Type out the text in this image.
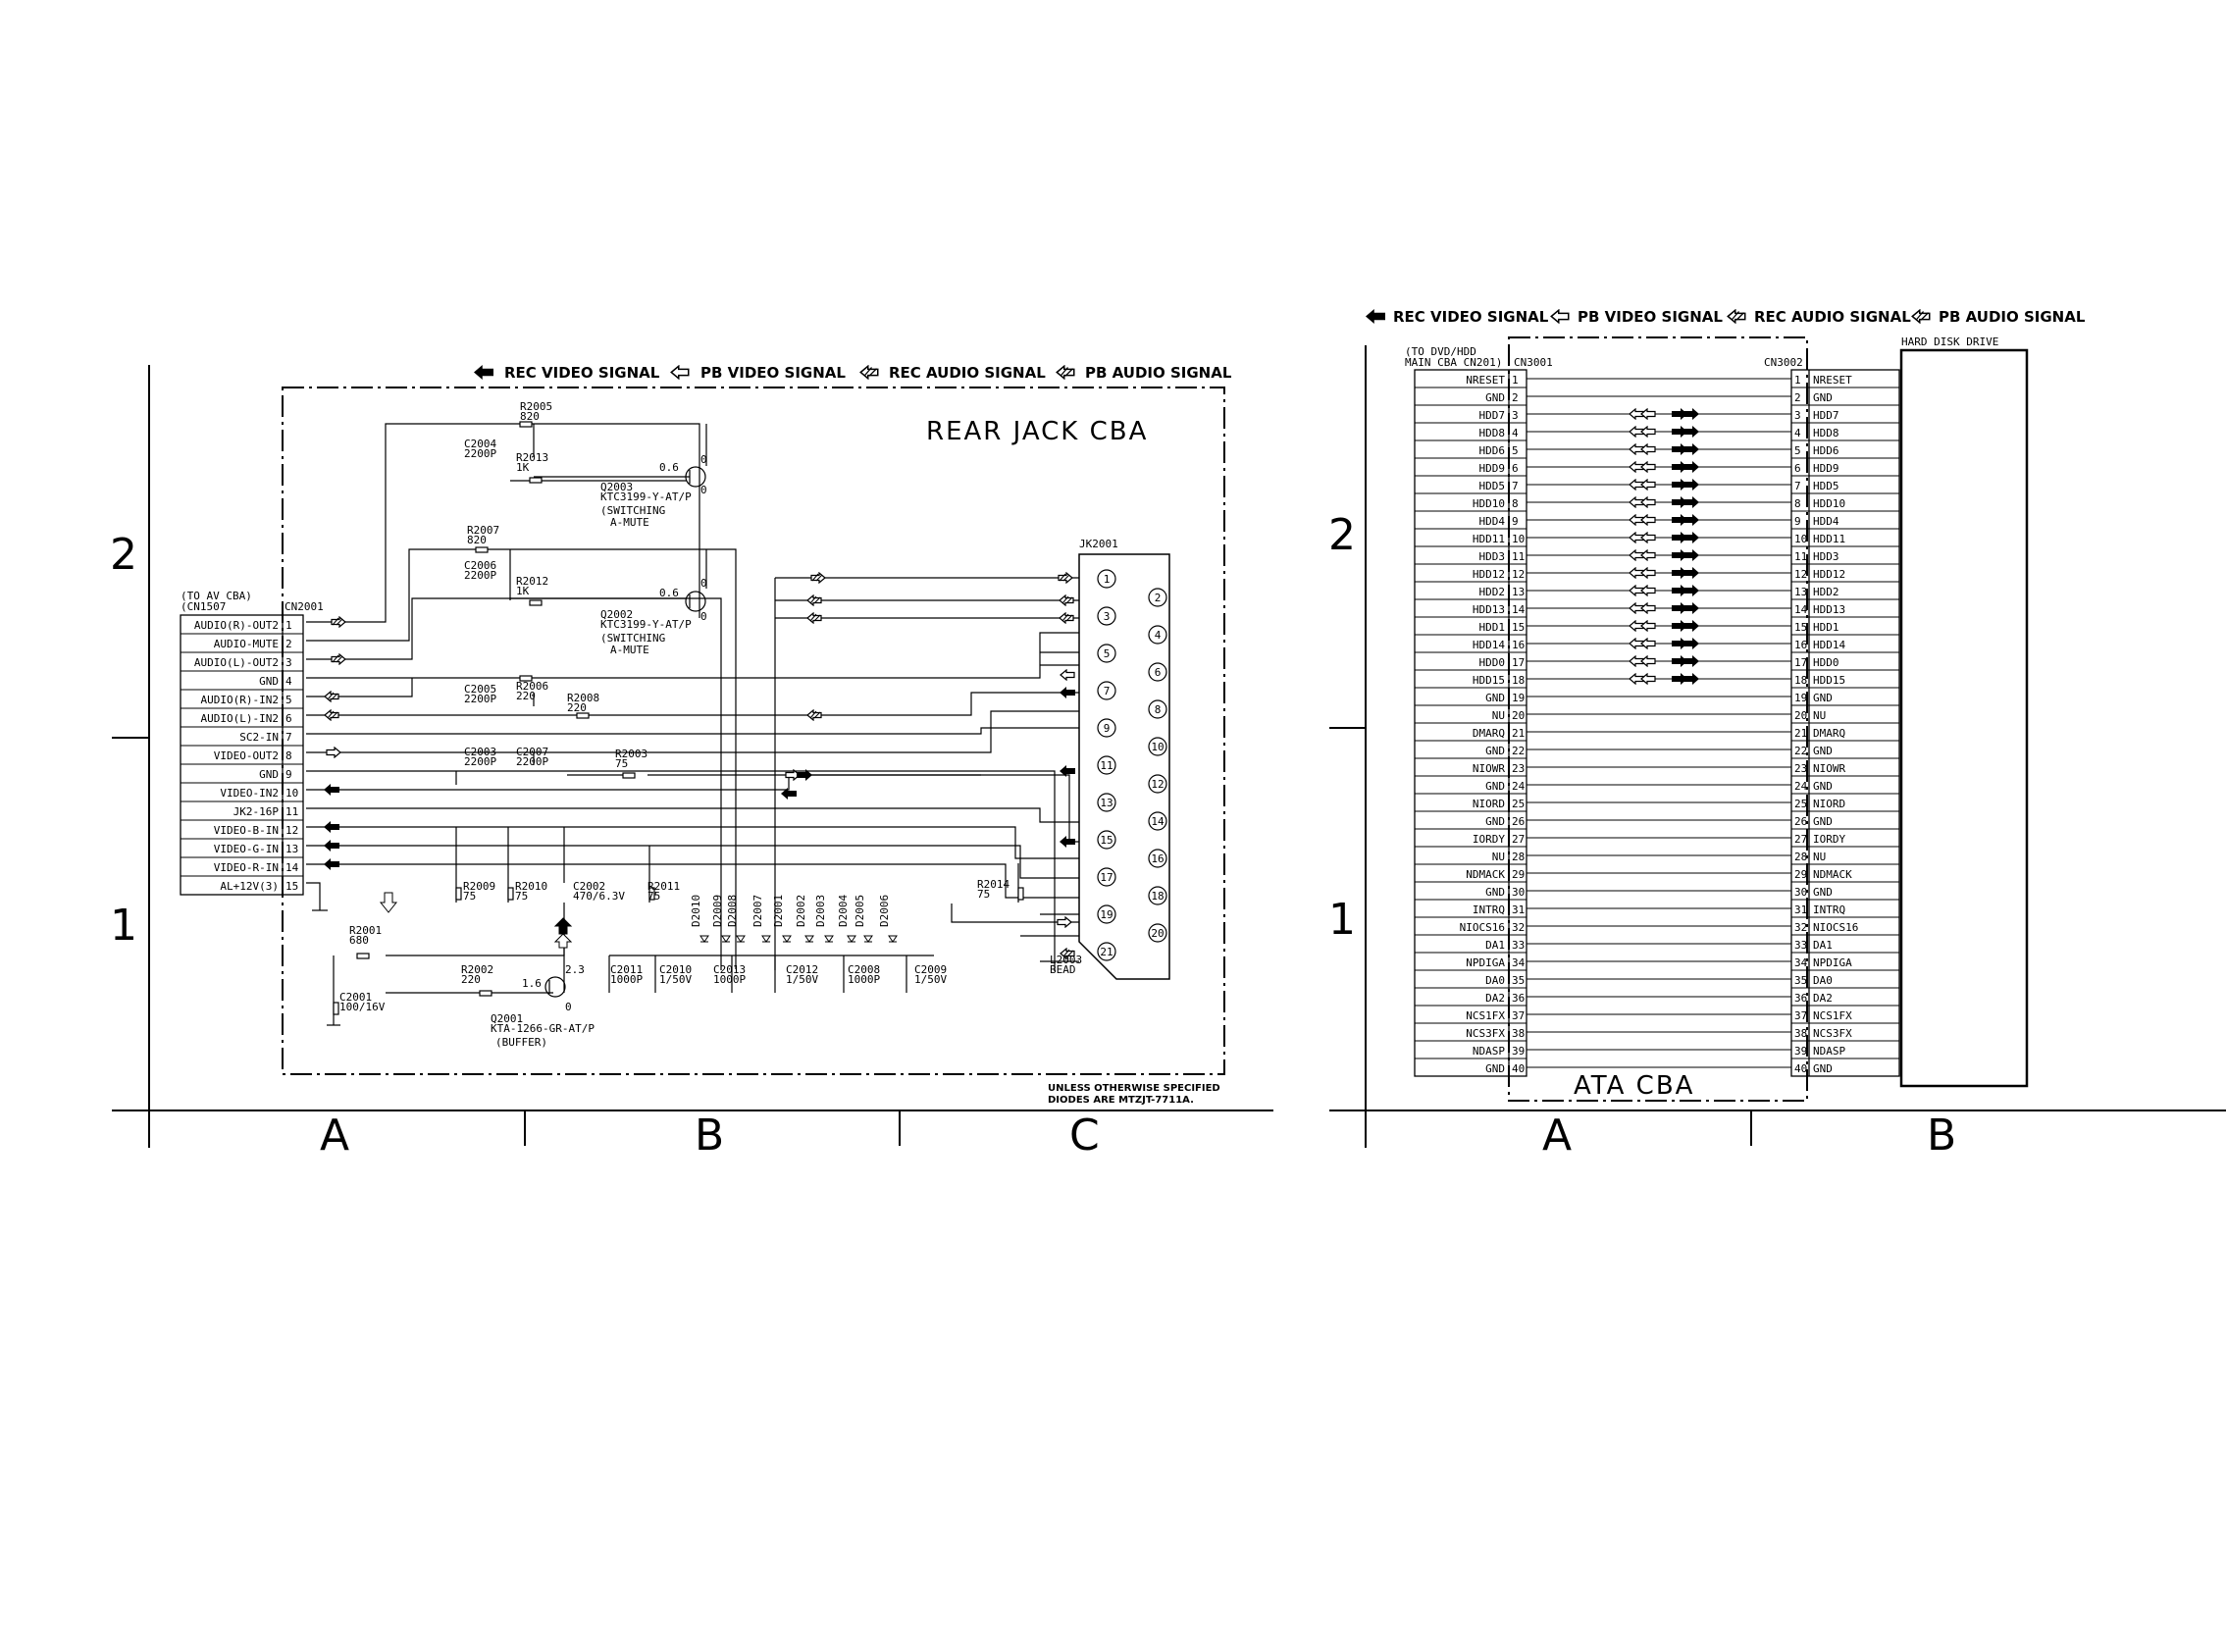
2
1
A	B	C
REC VIDEO SIGNAL	PB VIDEO SIGNAL	REC AUDIO SIGNAL	PB AUDIO SIGNAL
REAR JACK CBA
(TO AV CBA)
(CN1507	CN2001
AUDIO(R)-OUT2 1
AUDIO-MUTE 2
AUDIO(L)-OUT2 3
GND 4
AUDIO(R)-IN2 5
AUDIO(L)-IN2 6
SC2-IN 7
VIDEO-OUT2 8
GND 9
VIDEO-IN2 10
JK2-16P 11
VIDEO-B-IN 12
VIDEO-G-IN 13
VIDEO-R-IN 14
AL+12V(3) 15
JK2001
1
2
3
4
5
6
7
8
9
10
11
12
13
14
15
16
17
18
19
20
21
R2005
820
C2004
2200P R2013
1K	0.6
0
0
Q2003
KTC3199-Y-AT/P
(SWITCHING
A-MUTE
R2007
820
C2006
2200P R2012
1K	0.6
0
0
Q2002
KTC3199-Y-AT/P
(SWITCHING
A-MUTE
C2005
2200P
R2006
220	R2008
220
C2003
2200P
C2007
2200P
R2003
75
R2009
75
R2010
75
C2002
470/6.3V
R2011
75
R2014
75
R2001
680
C2001
100/16V
2.3
1.6
0
R2002
220
Q2001
KTA-1266-GR-AT/P
(BUFFER)
C2011
1000P
C2010
1/50V
C2013
1000P
C2012
1/50V
C2008
1000P
C2009
1/50V
L2003
BEAD
D2010 D2009 D2008 D2007 D2001 D2002 D2003 D2004 D2005 D2006
UNLESS OTHERWISE SPECIFIED
DIODES ARE MTZJT-7711A.
2
1
A	B
REC VIDEO SIGNAL PB VIDEO SIGNAL REC AUDIO SIGNAL PB AUDIO SIGNAL
ATA CBA
(TO DVD/HDD
MAIN CBA CN201) CN3001	CN3002
HARD DISK DRIVE
NRESET 1	1 NRESET
GND 2	2 GND
HDD7 3	3 HDD7
HDD8 4	4 HDD8
HDD6 5	5 HDD6
HDD9 6	6 HDD9
HDD5 7	7 HDD5
HDD10 8	8 HDD10
HDD4 9	9 HDD4
HDD11 10	10 HDD11
HDD3 11	11 HDD3
HDD12 12	12 HDD12
HDD2 13	13 HDD2
HDD13 14	14 HDD13
HDD1 15	15 HDD1
HDD14 16	16 HDD14
HDD0 17	17 HDD0
HDD15 18	18 HDD15
GND 19	19 GND
NU 20	20 NU
DMARQ 21	21 DMARQ
GND 22	22 GND
NIOWR 23	23 NIOWR
GND 24	24 GND
NIORD 25	25 NIORD
GND 26	26 GND
IORDY 27	27 IORDY
NU 28	28 NU
NDMACK 29	29 NDMACK
GND 30	30 GND
INTRQ 31	31 INTRQ
NIOCS16 32	32 NIOCS16
DA1 33	33 DA1
NPDIGA 34	34 NPDIGA
DA0 35	35 DA0
DA2 36	36 DA2
NCS1FX 37	37 NCS1FX
NCS3FX 38	38 NCS3FX
NDASP 39	39 NDASP
GND 40	40 GND
